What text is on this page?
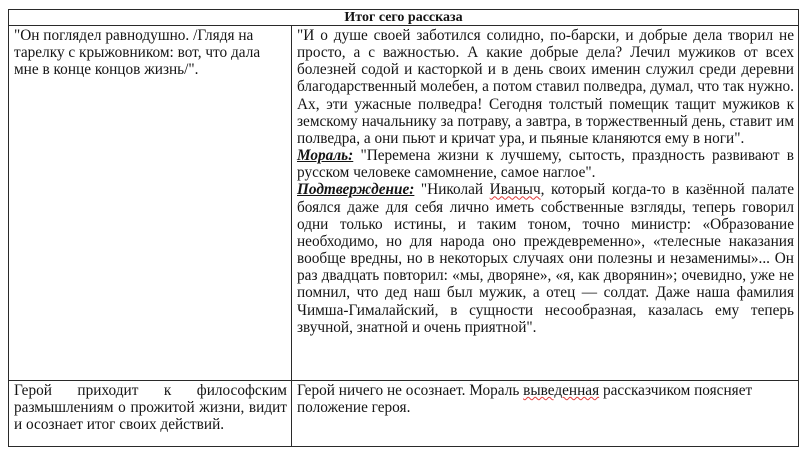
Итог сего рассказа	

"Он поглядел равнодушно. /Глядя на тарелку с крыжовником: вот, что дала мне в конце концов жизнь/".	"И о душе своей заботился солидно, по-барски, и добрые дела творил не просто, а с важностью. А какие добрые дела? Лечил мужиков от всех болезней содой и касторкой и в день своих именин служил среди деревни благодарственный молебен, а потом ставил полведра, думал, что так нужно. Ах, эти ужасные полведра! Сегодня толстый помещик тащит мужиков к земскому начальнику за потраву, а завтра, в торжественный день, ставит им полведра, а они пьют и кричат ура, и пьяные кланяются ему в ноги".

Мораль: "Перемена жизни к лучшему, сытость, праздность развивают в русском человеке самомнение, самое наглое".

Подтверждение: "Николай Иваныч, который когда-то в казённой палате боялся даже для себя лично иметь собственные взгляды, теперь говорил одни только истины, и таким тоном, точно министр: «Образование необходимо, но для народа оно преждевременно», «телесные наказания вообще вредны, но в некоторых случаях они полезны и незаменимы»... Он раз двадцать повторил: «мы, дворяне», «я, как дворянин»; очевидно, уже не помнил, что дед наш был мужик, а отец — солдат. Даже наша фамилия Чимша-Гималайский, в сущности несообразная, казалась ему теперь звучной, знатной и очень приятной".

Герой приходит к философским размышлениям о прожитой жизни, видит и осознает итог своих действий.	Герой ничего не осознает. Мораль выведенная рассказчиком поясняет положение героя.
